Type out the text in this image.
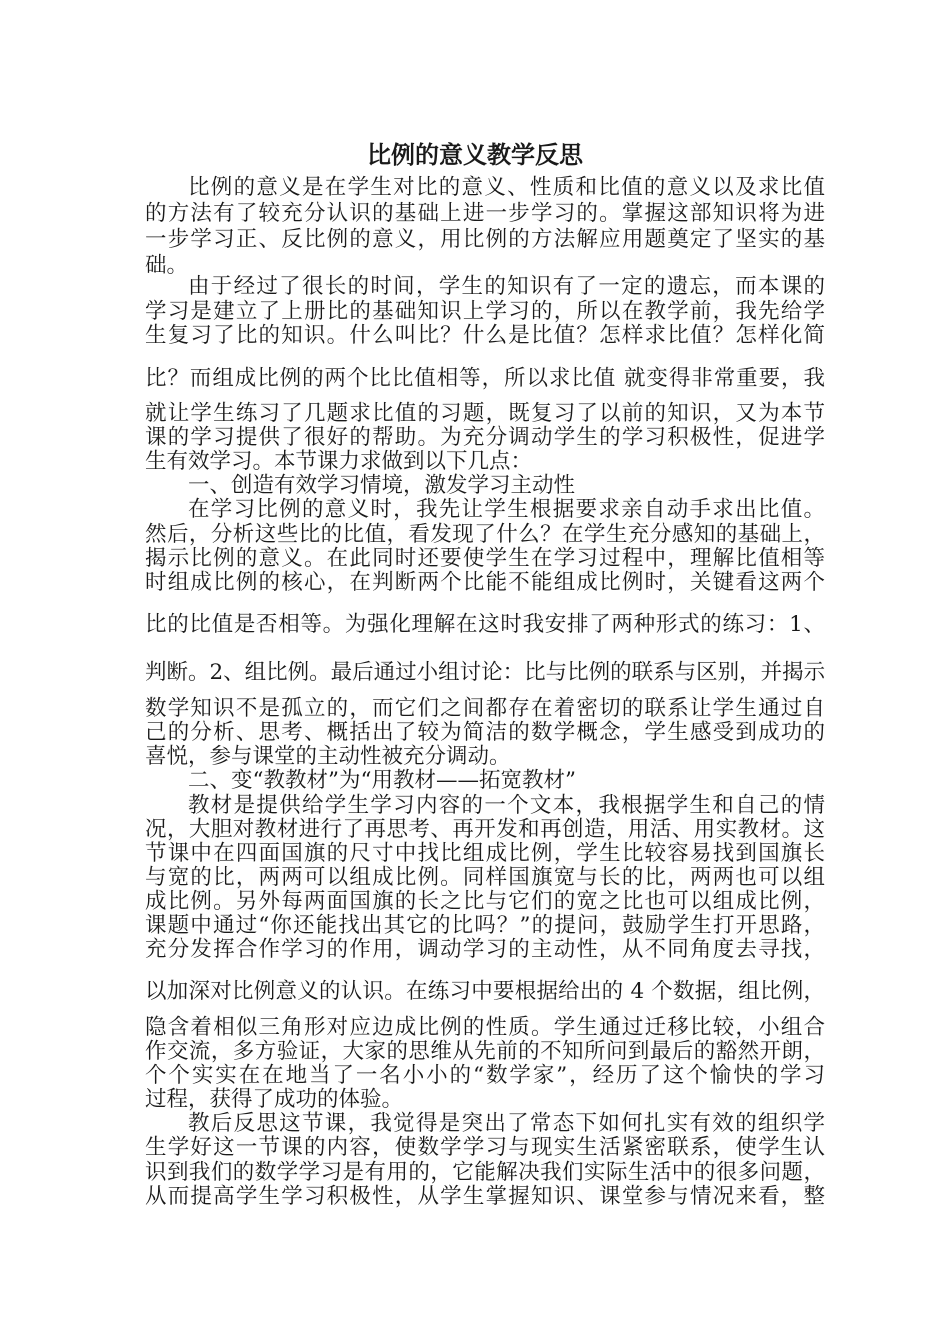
比例的意义教学反思

比例的意义是在学生对比的意义、性质和比值的意义以及求比值

的方法有了较充分认识的基础上进一步学习的。掌握这部知识将为进

一步学习正、反比例的意义，用比例的方法解应用题奠定了坚实的基

础。

由于经过了很长的时间，学生的知识有了一定的遗忘，而本课的

学习是建立了上册比的基础知识上学习的，所以在教学前，我先给学

生复习了比的知识。什么叫比？什么是比值？怎样求比值？怎样化简

比？而组成比例的两个比比值相等，所以求比值 就变得非常重要，我

就让学生练习了几题求比值的习题，既复习了以前的知识，又为本节

课的学习提供了很好的帮助。为充分调动学生的学习积极性，促进学

生有效学习。本节课力求做到以下几点：

一、创造有效学习情境，激发学习主动性

在学习比例的意义时，我先让学生根据要求亲自动手求出比值。

然后，分析这些比的比值，看发现了什么？在学生充分感知的基础上，

揭示比例的意义。在此同时还要使学生在学习过程中，理解比值相等

时组成比例的核心，在判断两个比能不能组成比例时，关键看这两个

比的比值是否相等。为强化理解在这时我安排了两种形式的练习：1、

判断。2、组比例。最后通过小组讨论：比与比例的联系与区别，并揭示

数学知识不是孤立的，而它们之间都存在着密切的联系让学生通过自

己的分析、思考、概括出了较为简洁的数学概念，学生感受到成功的

喜悦，参与课堂的主动性被充分调动。

二、变“教教材”为“用教材——拓宽教材”

教材是提供给学生学习内容的一个文本，我根据学生和自己的情

况，大胆对教材进行了再思考、再开发和再创造，用活、用实教材。这

节课中在四面国旗的尺寸中找比组成比例，学生比较容易找到国旗长

与宽的比，两两可以组成比例。同样国旗宽与长的比，两两也可以组

成比例。另外每两面国旗的长之比与它们的宽之比也可以组成比例，

课题中通过“你还能找出其它的比吗？”的提问，鼓励学生打开思路，

充分发挥合作学习的作用，调动学习的主动性，从不同角度去寻找，

以加深对比例意义的认识。在练习中要根据给出的 4 个数据，组比例，

隐含着相似三角形对应边成比例的性质。学生通过迁移比较，小组合

作交流，多方验证，大家的思维从先前的不知所问到最后的豁然开朗，

个个实实在在地当了一名小小的“数学家”，经历了这个愉快的学习

过程，获得了成功的体验。

教后反思这节课，我觉得是突出了常态下如何扎实有效的组织学

生学好这一节课的内容，使数学学习与现实生活紧密联系，使学生认

识到我们的数学学习是有用的，它能解决我们实际生活中的很多问题，

从而提高学生学习积极性，从学生掌握知识、课堂参与情况来看，整
